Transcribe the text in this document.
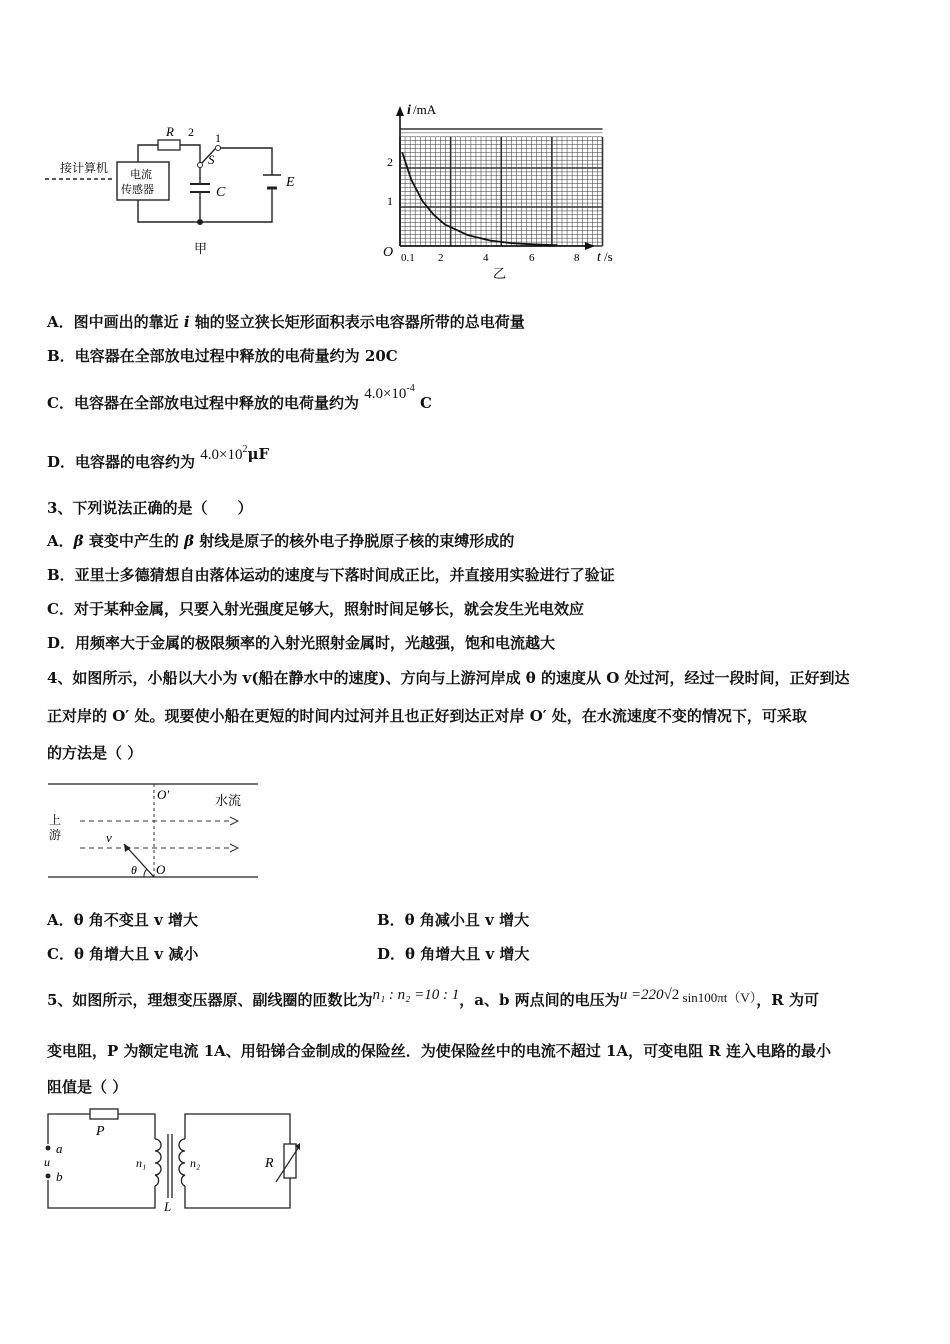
接计算机 电流
传感器
R 2 1
S
C
E
甲
i /mA
2
1
O 0.1 2	4	6	8 t /s
乙
A．图中画出的靠近 i 轴的竖立狭长矩形面积表示电容器所带的总电荷量
B．电容器在全部放电过程中释放的电荷量约为 20C
C．电容器在全部放电过程中释放的电荷量约为 $4.0\times 10^{-4}$ C
D．电容器的电容约为 $4.0\times 10^2\mu F$
3、下列说法正确的是（　　）
A．β 衰变中产生的 β 射线是原子的核外电子挣脱原子核的束缚形成的
B．亚里士多德猜想自由落体运动的速度与下落时间成正比，并直接用实验进行了验证
C．对于某种金属，只要入射光强度足够大，照射时间足够长，就会发生光电效应
D．用频率大于金属的极限频率的入射光照射金属时，光越强，饱和电流越大
4、如图所示，小船以大小为 v(船在静水中的速度)、方向与上游河岸成 θ 的速度从 O 处过河，经过一段时间，正好到达
正对岸的 O′ 处。现要使小船在更短的时间内过河并且也正好到达正对岸 O′ 处，在水流速度不变的情况下，可采取
的方法是（ ）
O′	水流
上
游	v
θ O
A．θ 角不变且 v 增大	B．θ 角减小且 v 增大
C．θ 角增大且 v 减小	D．θ 角增大且 v 增大
5、如图所示，理想变压器原、副线圈的匝数比为n₁ : n₂ =10 : 1，a、b 两点间的电压为u =220√2 sin100πt（V），R 为可
变电阻，P 为额定电流 1A、用铅锑合金制成的保险丝．为使保险丝中的电流不超过 1A，可变电阻 R 连入电路的最小
阻值是（ ）
P
a
u
b
n₁
L
n₂	R
